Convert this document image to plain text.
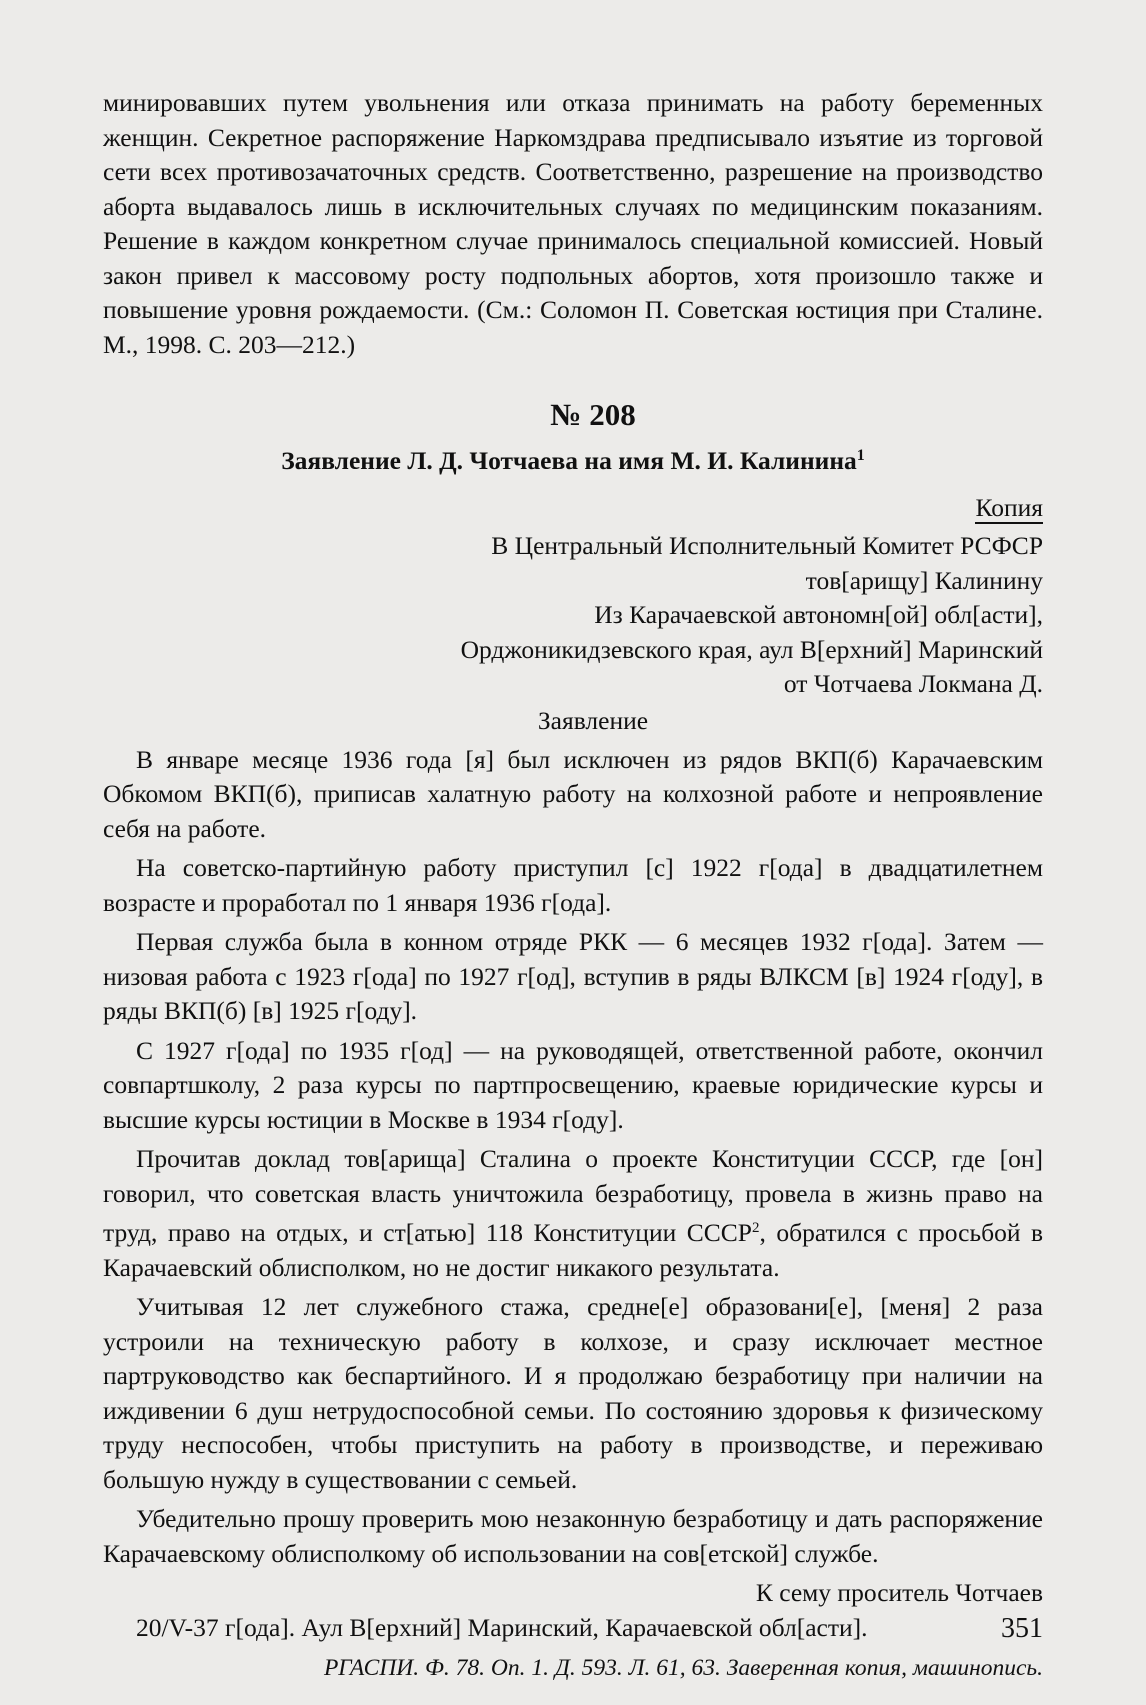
минировавших путем увольнения или отказа принимать на работу беременных женщин. Секретное распоряжение Наркомздрава предписывало изъятие из торговой сети всех противозачаточных средств. Соответственно, разрешение на производство аборта выдавалось лишь в исключительных случаях по медицинским показаниям. Решение в каждом конкретном случае принималось специальной комиссией. Новый закон привел к массовому росту подпольных абортов, хотя произошло также и повышение уровня рождаемости. (См.: Соломон П. Советская юстиция при Сталине. М., 1998. С. 203—212.)

№ 208
Заявление Л. Д. Чотчаева на имя М. И. Калинина$^1$
Копия
В Центральный Исполнительный Комитет РСФСР
тов[арищу] Калинину
Из Карачаевской автономн[ой] обл[асти],
Орджоникидзевского края, аул В[ерхний] Маринский
от Чотчаева Локмана Д.
Заявление

В январе месяце 1936 года [я] был исключен из рядов ВКП(б) Карачаевским Обкомом ВКП(б), приписав халатную работу на колхозной работе и непроявление себя на работе.

На советско-партийную работу приступил [с] 1922 г[ода] в двадцатилетнем возрасте и проработал по 1 января 1936 г[ода].

Первая служба была в конном отряде РКК — 6 месяцев 1932 г[ода]. Затем — низовая работа с 1923 г[ода] по 1927 г[од], вступив в ряды ВЛКСМ [в] 1924 г[оду], в ряды ВКП(б) [в] 1925 г[оду].

С 1927 г[ода] по 1935 г[од] — на руководящей, ответственной работе, окончил совпартшколу, 2 раза курсы по партпросвещению, краевые юридические курсы и высшие курсы юстиции в Москве в 1934 г[оду].

Прочитав доклад тов[арища] Сталина о проекте Конституции СССР, где [он] говорил, что советская власть уничтожила безработицу, провела в жизнь право на труд, право на отдых, и ст[атью] 118 Конституции СССР$^2$, обратился с просьбой в Карачаевский облисполком, но не достиг никакого результата.

Учитывая 12 лет служебного стажа, средне[е] образовани[е], [меня] 2 раза устроили на техническую работу в колхозе, и сразу исключает местное партруководство как беспартийного. И я продолжаю безработицу при наличии на иждивении 6 душ нетрудоспособной семьи. По состоянию здоровья к физическому труду неспособен, чтобы приступить на работу в производстве, и переживаю большую нужду в существовании с семьей.

Убедительно прошу проверить мою незаконную безработицу и дать распоряжение Карачаевскому облисполкому об использовании на сов[етской] службе.

К сему проситель Чотчаев
20/V-37 г[ода]. Аул В[ерхний] Маринский, Карачаевской обл[асти].
РГАСПИ. Ф. 78. Оп. 1. Д. 593. Л. 61, 63. Заверенная копия, машинопись.
351
